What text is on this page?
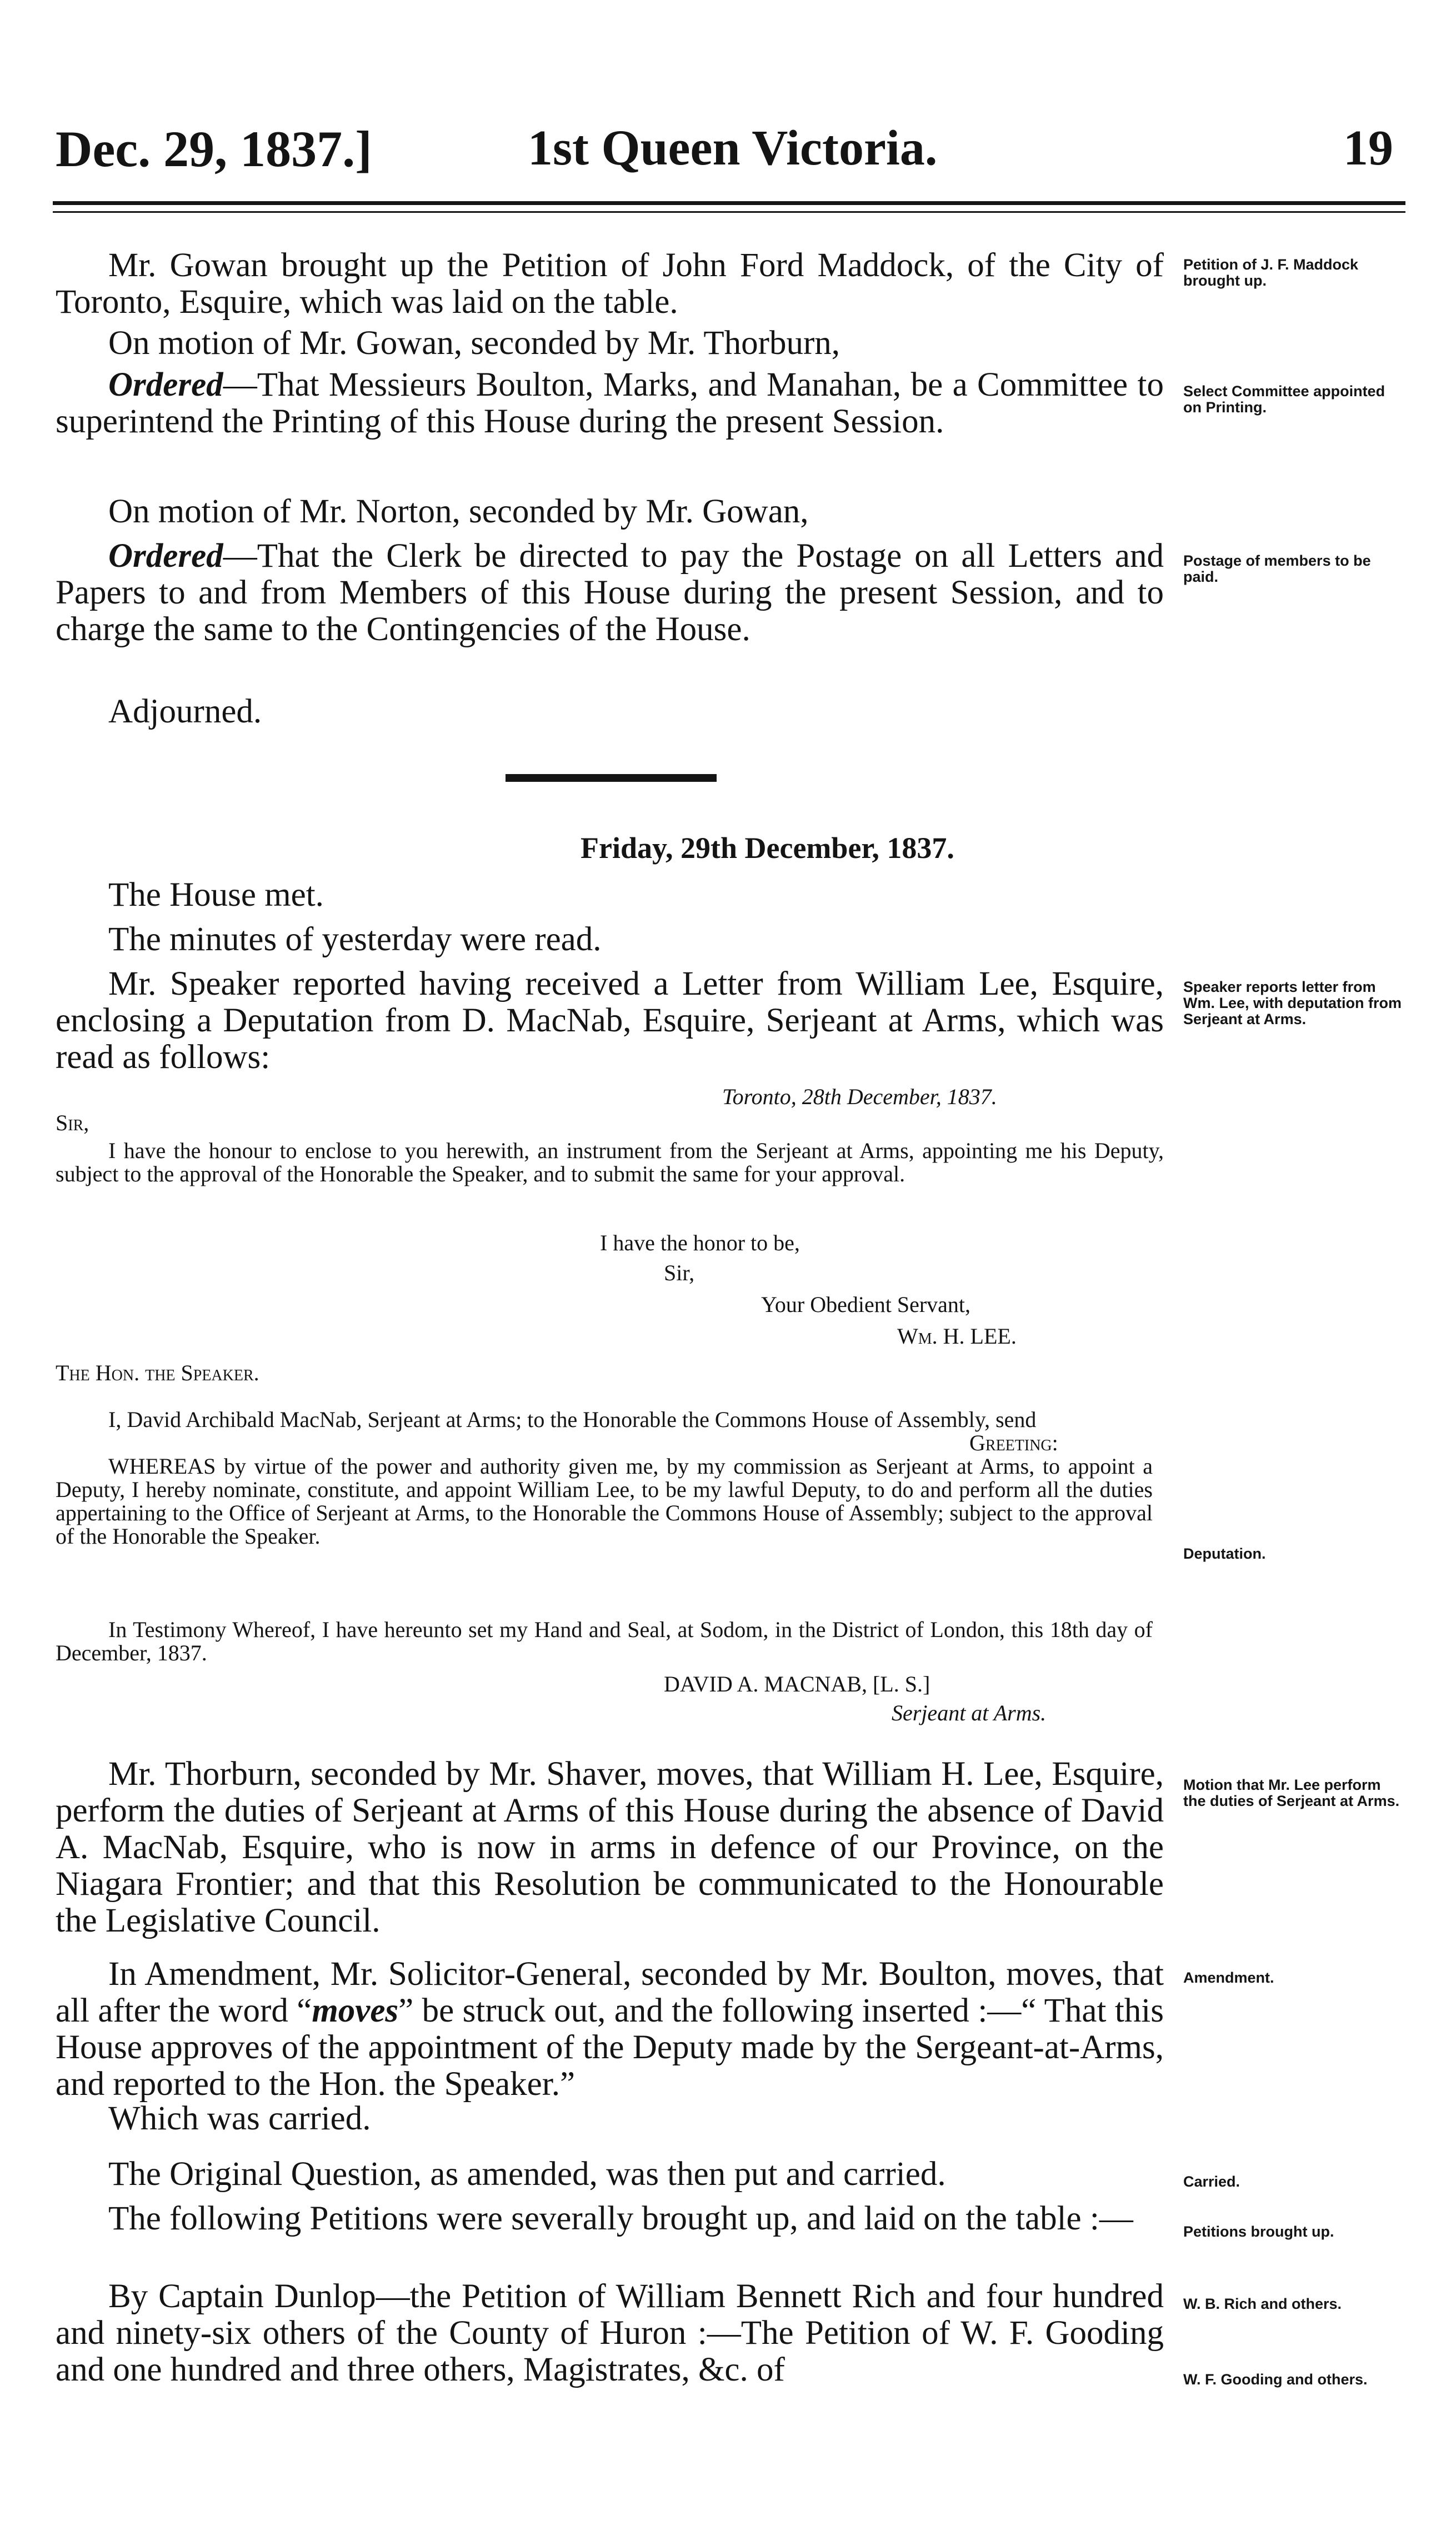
Dec. 29, 1837.]	1st Queen Victoria.	19

Mr. Gowan brought up the Petition of John Ford Maddock, of the City of Toronto, Esquire, which was laid on the table.

On motion of Mr. Gowan, seconded by Mr. Thorburn,

Ordered—That Messieurs Boulton, Marks, and Manahan, be a Committee to superintend the Printing of this House during the present Session.

On motion of Mr. Norton, seconded by Mr. Gowan,

Ordered—That the Clerk be directed to pay the Postage on all Letters and Papers to and from Members of this House during the present Session, and to charge the same to the Contingencies of the House.

Adjourned.

Friday, 29th December, 1837.

The House met.

The minutes of yesterday were read.

Mr. Speaker reported having received a Letter from William Lee, Esquire, enclosing a Deputation from D. MacNab, Esquire, Serjeant at Arms, which was read as follows:

Toronto, 28th December, 1837.
Sir,

I have the honour to enclose to you herewith, an instrument from the Serjeant at Arms, appointing me his Deputy, subject to the approval of the Honorable the Speaker, and to submit the same for your approval.

I have the honor to be,
Sir,
Your Obedient Servant,
Wm. H. LEE.
The Hon. the Speaker.

I, David Archibald MacNab, Serjeant at Arms; to the Honorable the Commons House of Assembly, send

Greeting:

WHEREAS by virtue of the power and authority given me, by my commission as Serjeant at Arms, to appoint a Deputy, I hereby nominate, constitute, and appoint William Lee, to be my lawful Deputy, to do and perform all the duties appertaining to the Office of Serjeant at Arms, to the Honorable the Commons House of Assembly; subject to the approval of the Honorable the Speaker.

In Testimony Whereof, I have hereunto set my Hand and Seal, at Sodom, in the District of London, this 18th day of December, 1837.

DAVID A. MACNAB, [L. S.]
Serjeant at Arms.

Mr. Thorburn, seconded by Mr. Shaver, moves, that William H. Lee, Esquire, perform the duties of Serjeant at Arms of this House during the absence of David A. MacNab, Esquire, who is now in arms in defence of our Province, on the Niagara Frontier; and that this Resolution be communicated to the Honourable the Legislative Council.

In Amendment, Mr. Solicitor-General, seconded by Mr. Boulton, moves, that all after the word “moves” be struck out, and the following inserted :—“ That this House approves of the appointment of the Deputy made by the Sergeant-at-Arms, and reported to the Hon. the Speaker.”

Which was carried.

The Original Question, as amended, was then put and carried.

The following Petitions were severally brought up, and laid on the table :—

By Captain Dunlop—the Petition of William Bennett Rich and four hundred and ninety-six others of the County of Huron :—The Petition of W. F. Gooding and one hundred and three others, Magistrates, &c. of

Petition of J. F. Maddock brought up.
Select Committee appointed on Printing.
Postage of members to be paid.
Speaker reports letter from Wm. Lee, with deputation from Serjeant at Arms.
Deputation.
Motion that Mr. Lee perform the duties of Serjeant at Arms.
Amendment.
Carried.
Petitions brought up.
W. B. Rich and others.
W. F. Gooding and others.
